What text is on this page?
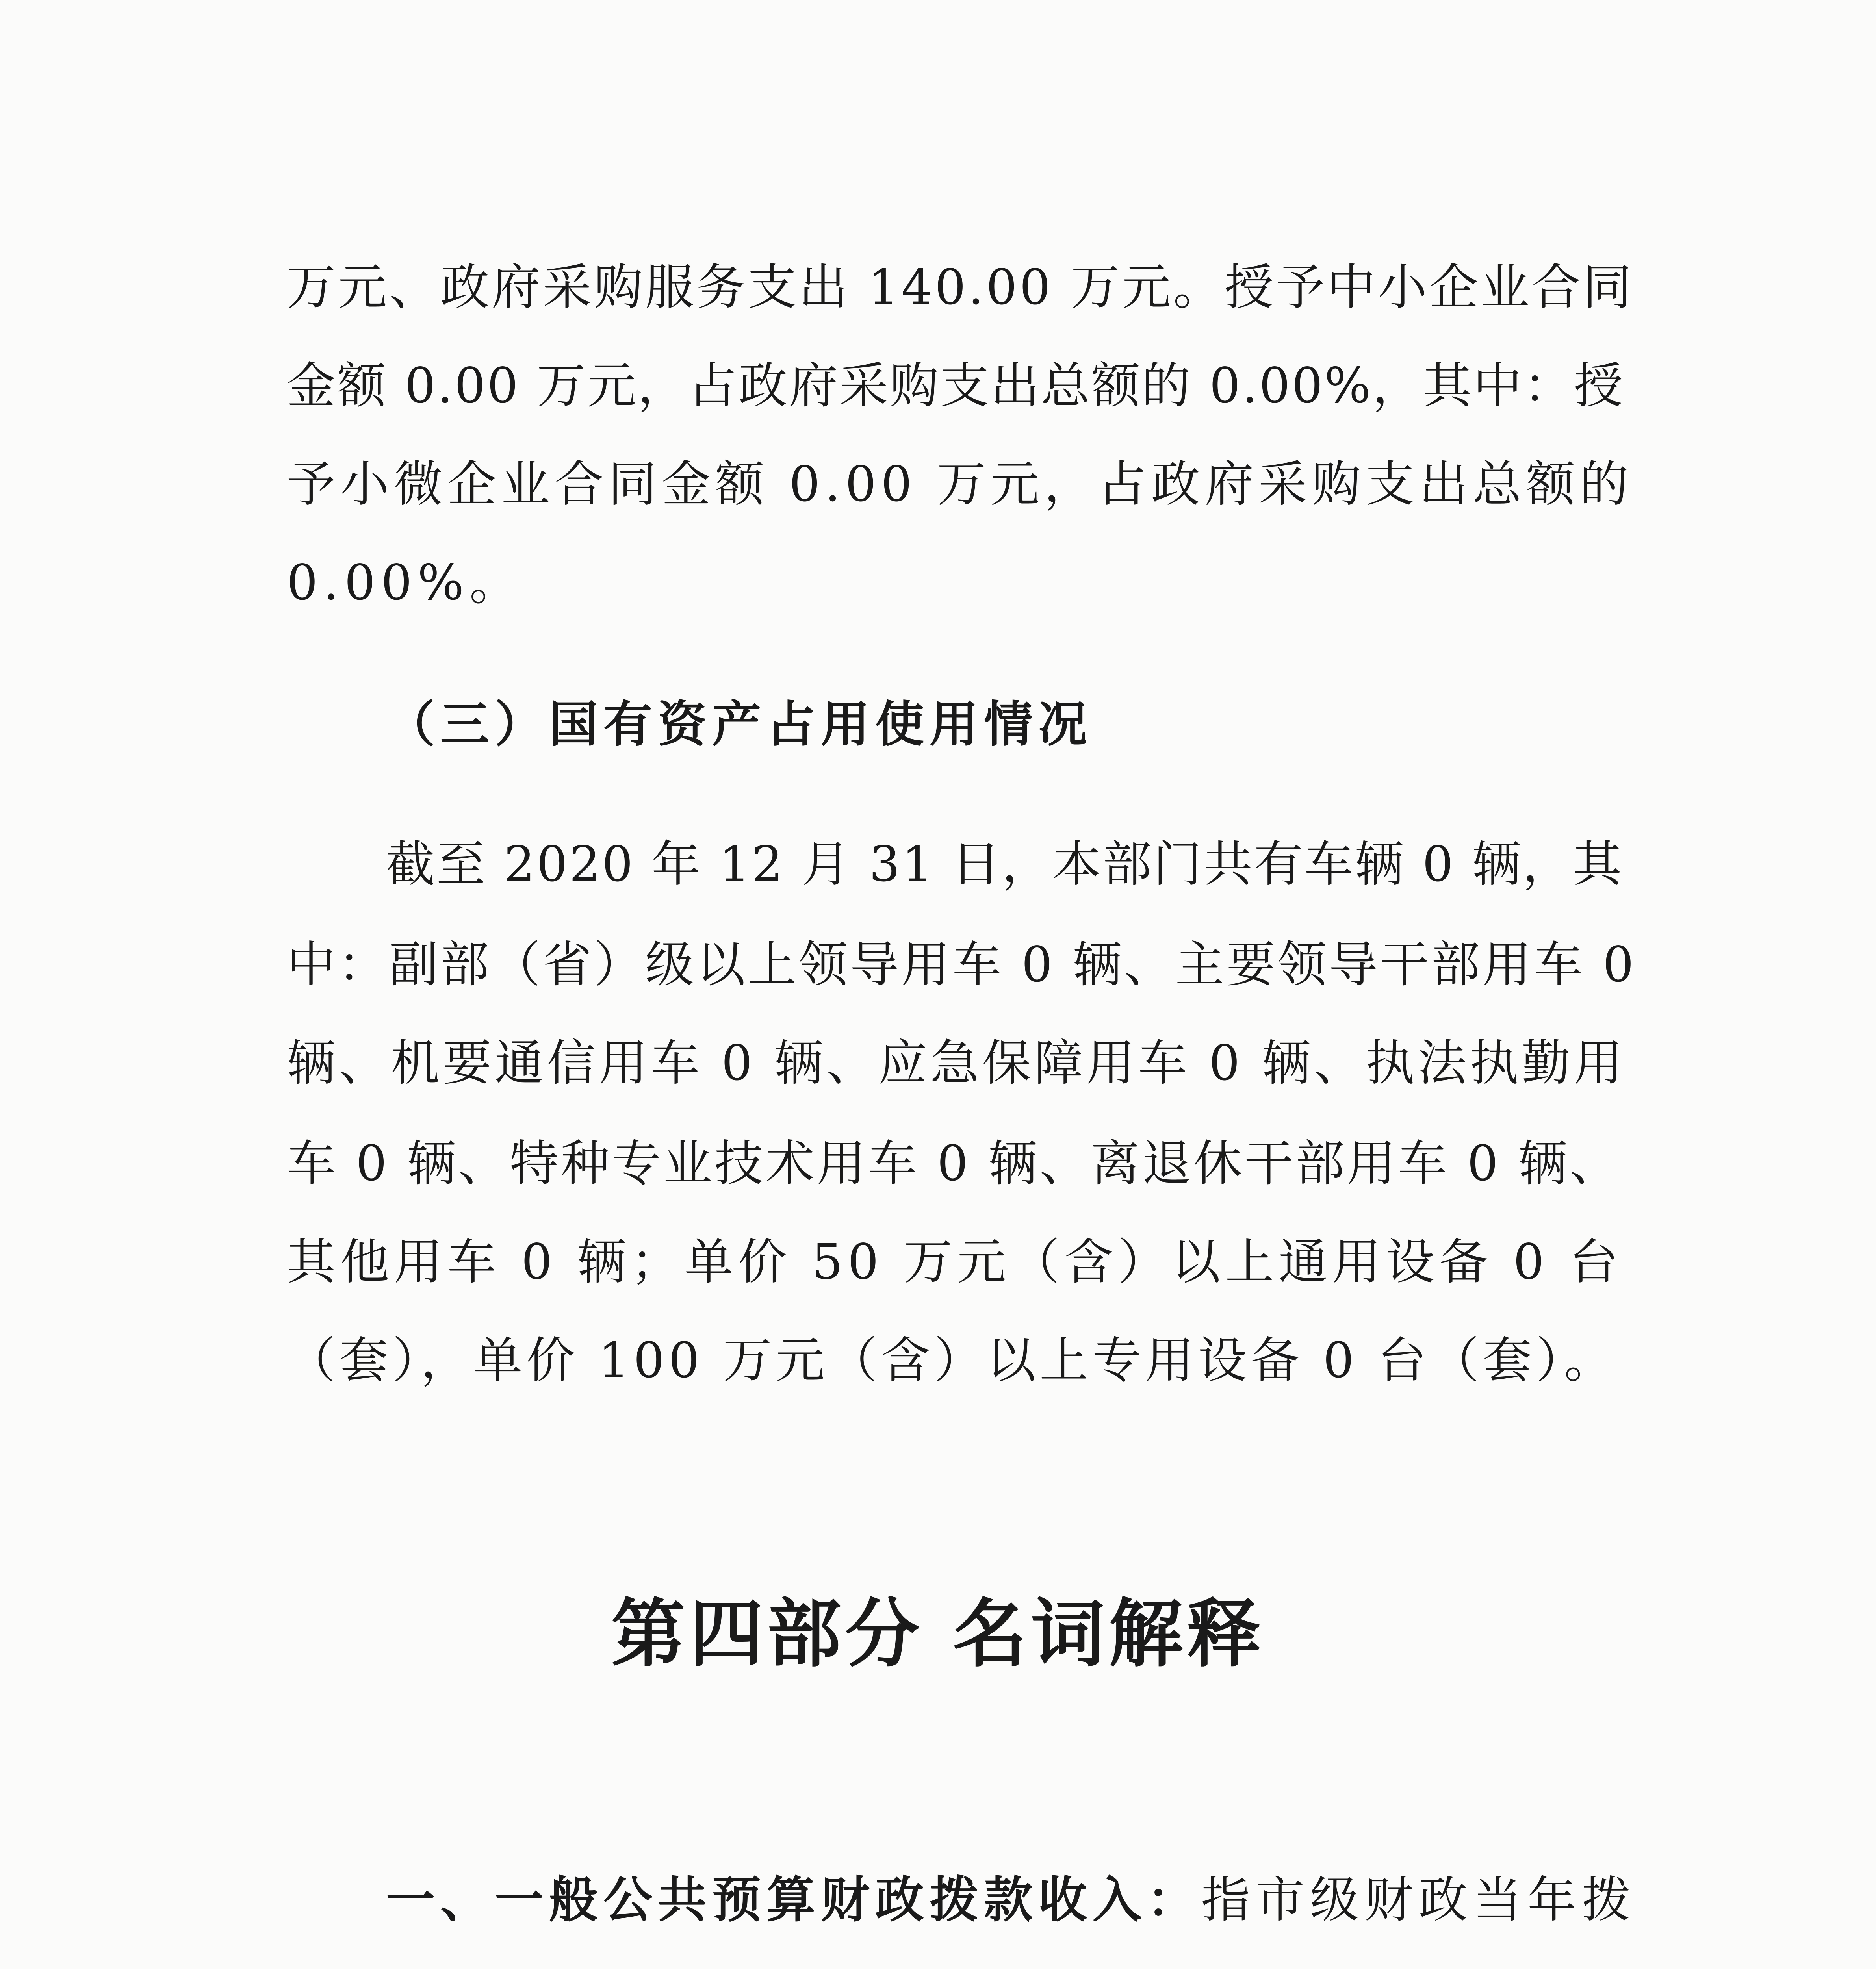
万元、政府采购服务支出 140.00 万元。授予中小企业合同
金额 0.00 万元，占政府采购支出总额的 0.00%，其中：授
予小微企业合同金额 0.00 万元，占政府采购支出总额的
0.00%。
（三）国有资产占用使用情况
截至 2020 年 12 月 31 日，本部门共有车辆 0 辆，其
中：副部（省）级以上领导用车 0 辆、主要领导干部用车 0
辆、机要通信用车 0 辆、应急保障用车 0 辆、执法执勤用
车 0 辆、特种专业技术用车 0 辆、离退休干部用车 0 辆、
其他用车 0 辆；单价 50 万元（含）以上通用设备 0 台
（套），单价 100 万元（含）以上专用设备 0 台（套）。
第四部分 名词解释
一、一般公共预算财政拨款收入：指市级财政当年拨
